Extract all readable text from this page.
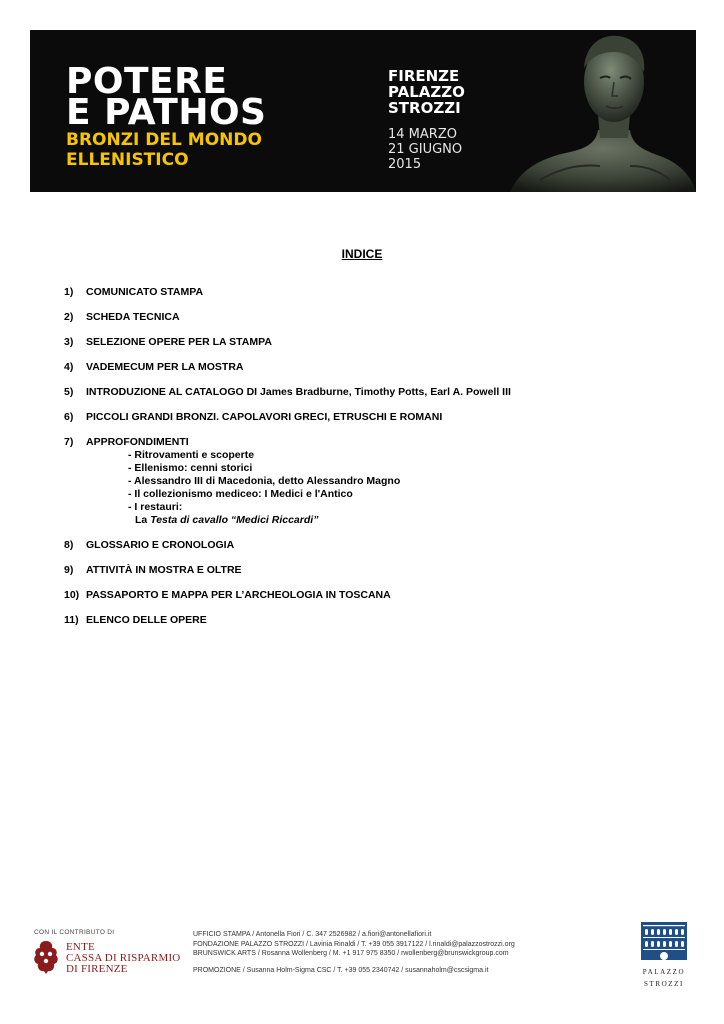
POTERE
E PATHOS
BRONZI DEL MONDO
ELLENISTICO
FIRENZE
PALAZZO
STROZZI
14 MARZO
21 GIUGNO
2015
INDICE
1)	COMUNICATO STAMPA
2)	SCHEDA TECNICA
3)	SELEZIONE OPERE PER LA STAMPA
4)	VADEMECUM PER LA MOSTRA
5)	INTRODUZIONE AL CATALOGO DI James Bradburne, Timothy Potts, Earl A. Powell III
6)	PICCOLI GRANDI BRONZI. CAPOLAVORI GRECI, ETRUSCHI E ROMANI
7)	APPROFONDIMENTI
- Ritrovamenti e scoperte
- Ellenismo: cenni storici
- Alessandro III di Macedonia, detto Alessandro Magno
- Il collezionismo mediceo: I Medici e l'Antico
- I restauri:
La Testa di cavallo “Medici Riccardi”
8)	GLOSSARIO E CRONOLOGIA
9)	ATTIVITÀ IN MOSTRA E OLTRE
10) PASSAPORTO E MAPPA PER L’ARCHEOLOGIA IN TOSCANA
11) ELENCO DELLE OPERE
CON IL CONTRIBUTO DI
ENTE
CASSA DI RISPARMIO
DI FIRENZE
UFFICIO STAMPA / Antonella Fiori / C. 347 2526982 / a.fiori@antonellafiori.it
FONDAZIONE PALAZZO STROZZI / Lavinia Rinaldi / T. +39 055 3917122 / l.rinaldi@palazzostrozzi.org
BRUNSWICK ARTS / Rosanna Wollenberg / M. +1 917 975 8350 / rwollenberg@brunswickgroup.com
PROMOZIONE / Susanna Holm-Sigma CSC / T. +39 055 2340742 / susannaholm@cscsigma.it	PALAZZO
STROZZI
